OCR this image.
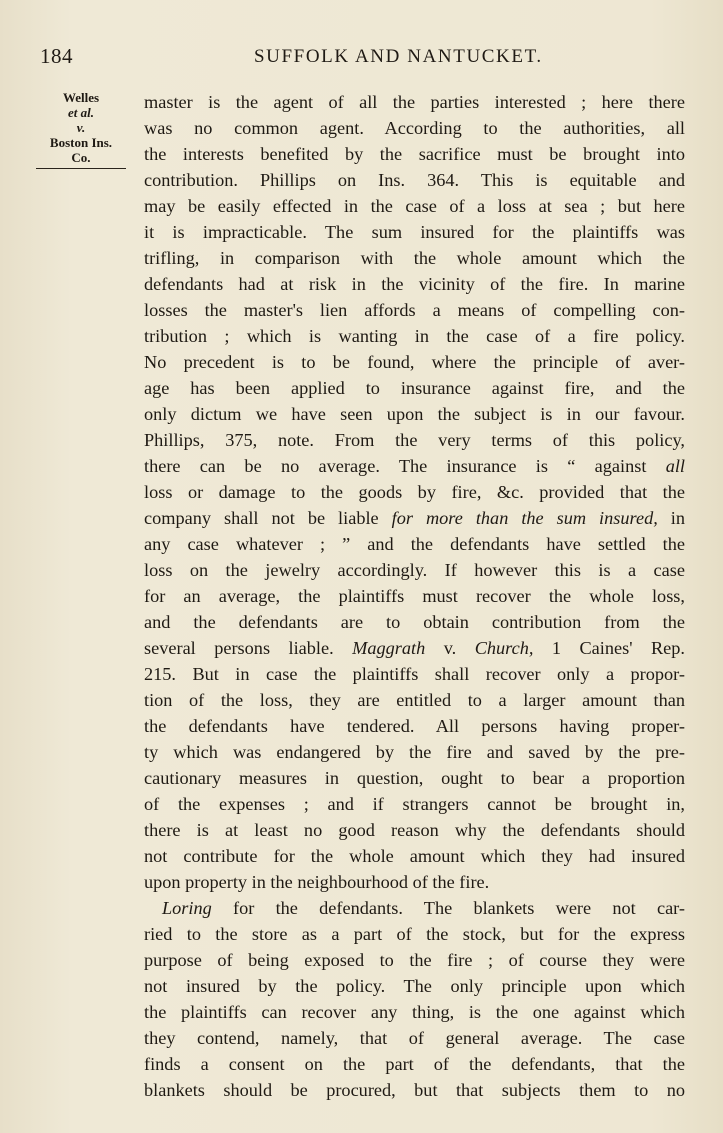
184	SUFFOLK AND NANTUCKET.
Welles
et al.
v.
Boston Ins.
Co.
master is the agent of all the parties interested ; here there
was no common agent. According to the authorities, all
the interests benefited by the sacrifice must be brought into
contribution. Phillips on Ins. 364. This is equitable and
may be easily effected in the case of a loss at sea ; but here
it is impracticable. The sum insured for the plaintiffs was
trifling, in comparison with the whole amount which the
defendants had at risk in the vicinity of the fire. In marine
losses the master's lien affords a means of compelling con-
tribution ; which is wanting in the case of a fire policy.
No precedent is to be found, where the principle of aver-
age has been applied to insurance against fire, and the
only dictum we have seen upon the subject is in our favour.
Phillips, 375, note. From the very terms of this policy,
there can be no average. The insurance is “ against all
loss or damage to the goods by fire, &c. provided that the
company shall not be liable for more than the sum insured, in
any case whatever ; ” and the defendants have settled the
loss on the jewelry accordingly. If however this is a case
for an average, the plaintiffs must recover the whole loss,
and the defendants are to obtain contribution from the
several persons liable. Maggrath v. Church, 1 Caines' Rep.
215. But in case the plaintiffs shall recover only a propor-
tion of the loss, they are entitled to a larger amount than
the defendants have tendered. All persons having proper-
ty which was endangered by the fire and saved by the pre-
cautionary measures in question, ought to bear a proportion
of the expenses ; and if strangers cannot be brought in,
there is at least no good reason why the defendants should
not contribute for the whole amount which they had insured
upon property in the neighbourhood of the fire.
Loring for the defendants. The blankets were not car-
ried to the store as a part of the stock, but for the express
purpose of being exposed to the fire ; of course they were
not insured by the policy. The only principle upon which
the plaintiffs can recover any thing, is the one against which
they contend, namely, that of general average. The case
finds a consent on the part of the defendants, that the
blankets should be procured, but that subjects them to no
